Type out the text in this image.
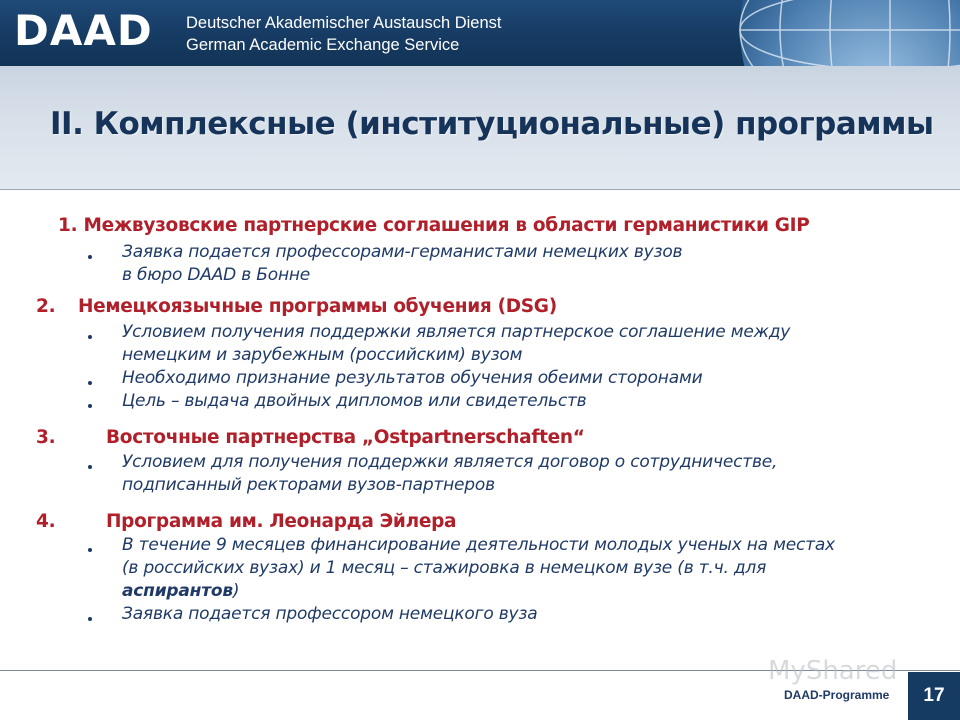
DAAD Deutscher Akademischer Austausch Dienst
German Academic Exchange Service
II. Комплексные (институциональные) программы
1. Межвузовские партнерские соглашения в области германистики GIP
Заявка подается профессорами-германистами немецких вузов
в бюро DAAD в Бонне
2. Немецкоязычные программы обучения (DSG)
Условием получения поддержки является партнерское соглашение между
немецким и зарубежным (российским) вузом
Необходимо признание результатов обучения обеими сторонами
Цель – выдача двойных дипломов или свидетельств
3.	Восточные партнерства „Ostpartnerschaften“
Условием для получения поддержки является договор о сотрудничестве,
подписанный ректорами вузов-партнеров
4.	Программа им. Леонарда Эйлера
В течение 9 месяцев финансирование деятельности молодых ученых на местах
(в российских вузах) и 1 месяц – стажировка в немецком вузе (в т.ч. для
аспирантов)
Заявка подается профессором немецкого вуза
MyShared
DAAD-Programme	17
